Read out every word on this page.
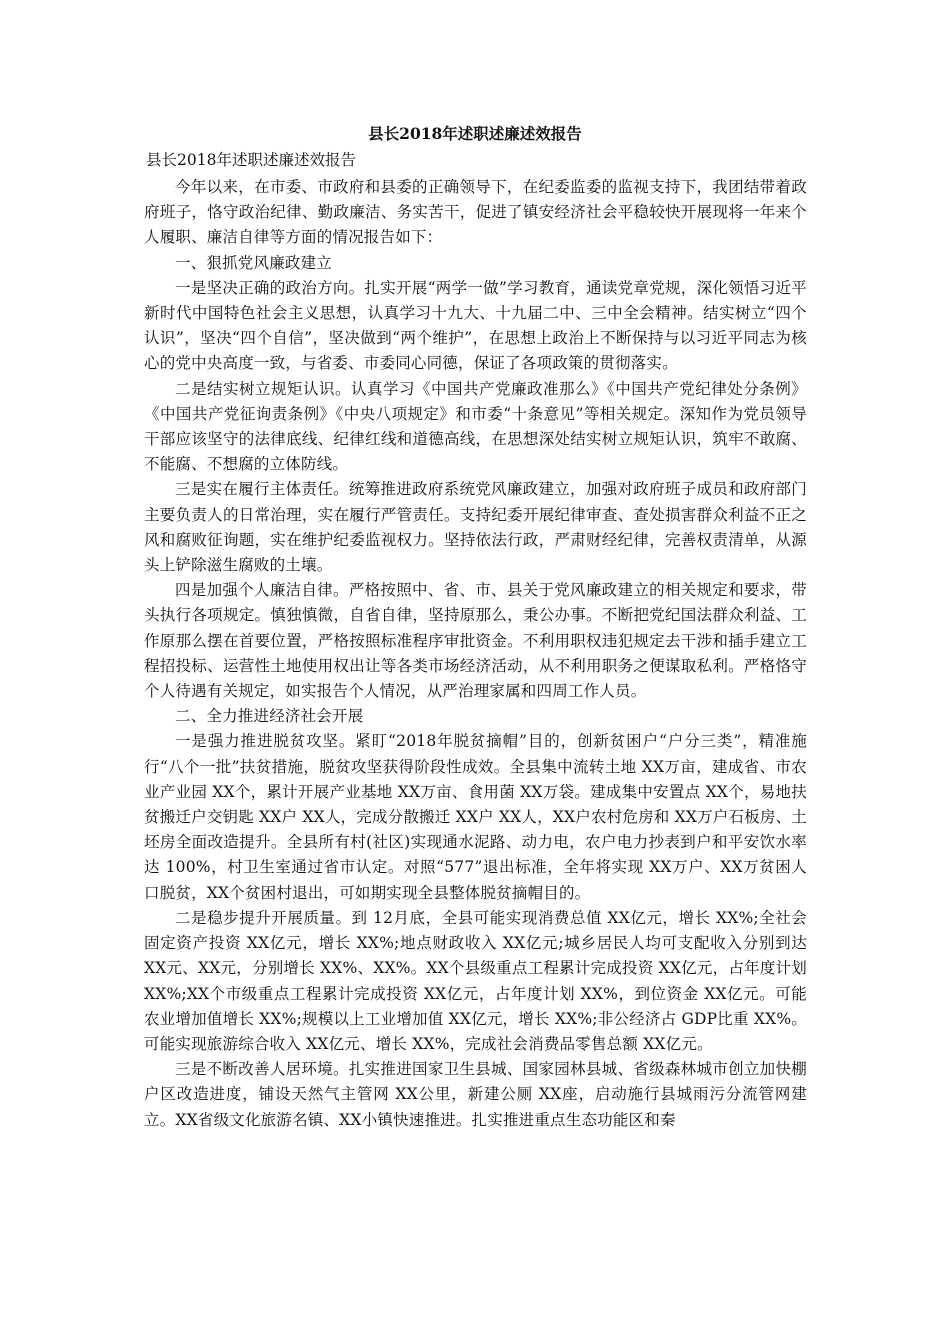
县长2018年述职述廉述效报告
县长2018年述职述廉述效报告

今年以来，在市委、市政府和县委的正确领导下，在纪委监委的监视支持下，我团结带着政府班子，恪守政治纪律、勤政廉洁、务实苦干，促进了镇安经济社会平稳较快开展现将一年来个人履职、廉洁自律等方面的情况报告如下：

一、狠抓党风廉政建立

一是坚决正确的政治方向。扎实开展“两学一做”学习教育，通读党章党规，深化领悟习近平新时代中国特色社会主义思想，认真学习十九大、十九届二中、三中全会精神。结实树立“四个认识”，坚决“四个自信”，坚决做到“两个维护”，在思想上政治上不断保持与以习近平同志为核心的党中央高度一致，与省委、市委同心同德，保证了各项政策的贯彻落实。

二是结实树立规矩认识。认真学习《中国共产党廉政准那么》《中国共产党纪律处分条例》《中国共产党征询责条例》《中央八项规定》和市委“十条意见”等相关规定。深知作为党员领导干部应该坚守的法律底线、纪律红线和道德高线，在思想深处结实树立规矩认识，筑牢不敢腐、不能腐、不想腐的立体防线。

三是实在履行主体责任。统筹推进政府系统党风廉政建立，加强对政府班子成员和政府部门主要负责人的日常治理，实在履行严管责任。支持纪委开展纪律审查、查处损害群众利益不正之风和腐败征询题，实在维护纪委监视权力。坚持依法行政，严肃财经纪律，完善权责清单，从源头上铲除滋生腐败的土壤。

四是加强个人廉洁自律。严格按照中、省、市、县关于党风廉政建立的相关规定和要求，带头执行各项规定。慎独慎微，自省自律，坚持原那么，秉公办事。不断把党纪国法群众利益、工作原那么摆在首要位置，严格按照标准程序审批资金。不利用职权违犯规定去干涉和插手建立工程招投标、运营性土地使用权出让等各类市场经济活动，从不利用职务之便谋取私利。严格恪守个人待遇有关规定，如实报告个人情况，从严治理家属和四周工作人员。

二、全力推进经济社会开展

一是强力推进脱贫攻坚。紧盯“2018年脱贫摘帽”目的，创新贫困户“户分三类”，精准施行“八个一批”扶贫措施，脱贫攻坚获得阶段性成效。全县集中流转土地 XX万亩，建成省、市农业产业园 XX个，累计开展产业基地 XX万亩、食用菌 XX万袋。建成集中安置点 XX个，易地扶贫搬迁户交钥匙 XX户 XX人，完成分散搬迁 XX户 XX人，XX户农村危房和 XX万户石板房、土坯房全面改造提升。全县所有村(社区)实现通水泥路、动力电，农户电力抄表到户和平安饮水率达 100%，村卫生室通过省市认定。对照“577”退出标准，全年将实现 XX万户、XX万贫困人口脱贫，XX个贫困村退出，可如期实现全县整体脱贫摘帽目的。

二是稳步提升开展质量。到 12月底，全县可能实现消费总值 XX亿元，增长 XX%;全社会固定资产投资 XX亿元，增长 XX%;地点财政收入 XX亿元;城乡居民人均可支配收入分别到达 XX元、XX元，分别增长 XX%、XX%。XX个县级重点工程累计完成投资 XX亿元，占年度计划 XX%;XX个市级重点工程累计完成投资 XX亿元，占年度计划 XX%，到位资金 XX亿元。可能农业增加值增长 XX%;规模以上工业增加值 XX亿元，增长 XX%;非公经济占 GDP比重 XX%。可能实现旅游综合收入 XX亿元、增长 XX%，完成社会消费品零售总额 XX亿元。

三是不断改善人居环境。扎实推进国家卫生县城、国家园林县城、省级森林城市创立加快棚户区改造进度，铺设天然气主管网 XX公里，新建公厕 XX座，启动施行县城雨污分流管网建立。XX省级文化旅游名镇、XX小镇快速推进。扎实推进重点生态功能区和秦
